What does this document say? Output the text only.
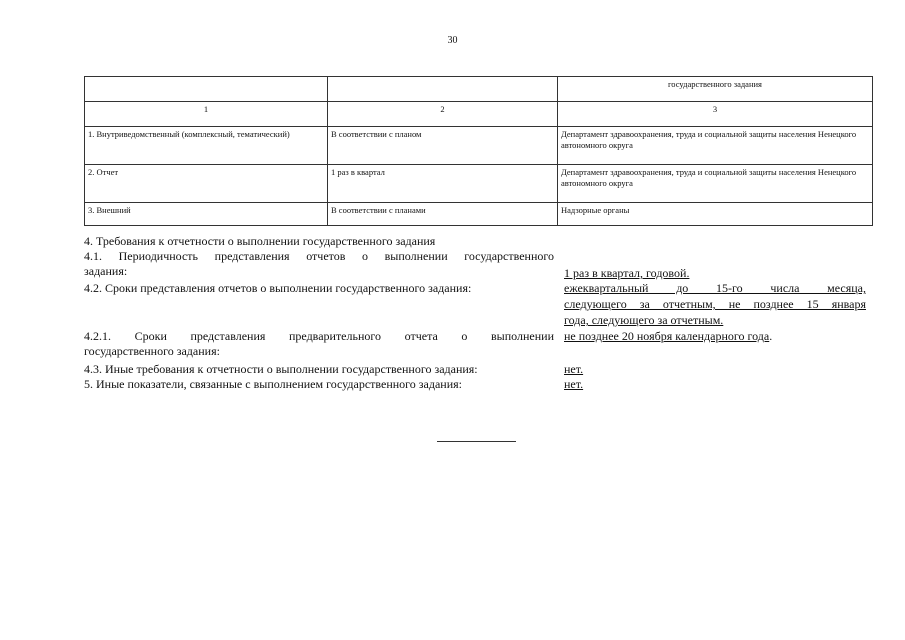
30
		государственного задания
1	2	3
1. Внутриведомственный (комплексный, тематический)	В соответствии с планом	Департамент здравоохранения, труда и социальной защиты населения Ненецкого автономного округа
2. Отчет	1 раз в квартал	Департамент здравоохранения, труда и социальной защиты населения Ненецкого автономного округа
3. Внешний	В соответствии с планами	Надзорные органы
4. Требования к отчетности о выполнении государственного задания
4.1. Периодичность представления отчетов о выполнении государственного
задания:	1 раз в квартал, годовой.
4.2. Сроки представления отчетов о выполнении государственного задания:	ежеквартальный до 15-го числа месяца,
следующего за отчетным, не позднее 15 января
года, следующего за отчетным.
4.2.1. Сроки представления предварительного отчета о выполнении
государственного задания:
не позднее 20 ноября календарного года.
4.3. Иные требования к отчетности о выполнении государственного задания:	нет.
5. Иные показатели, связанные с выполнением государственного задания:	нет.
